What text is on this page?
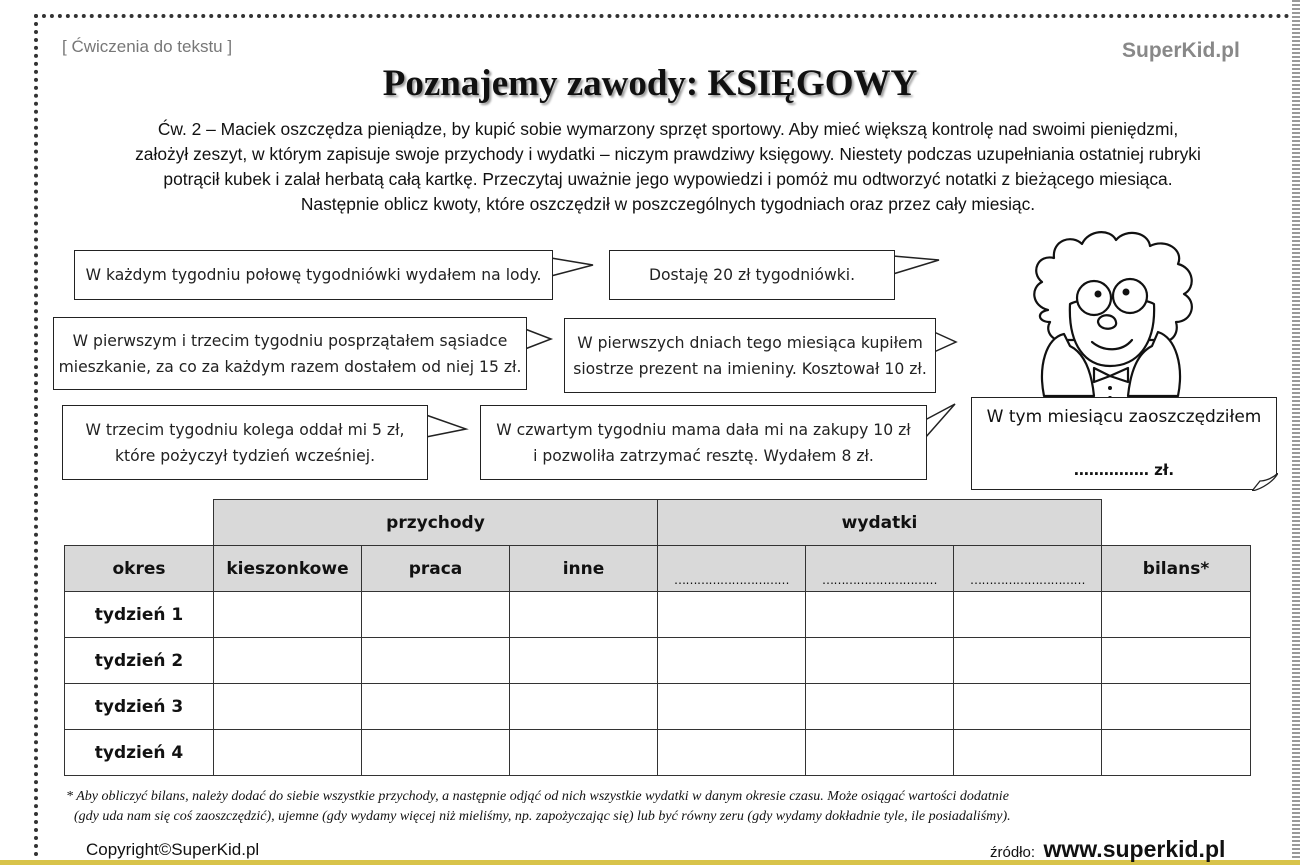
[ Ćwiczenia do tekstu ]	SuperKid.pl
Poznajemy zawody: KSIĘGOWY
Ćw. 2 – Maciek oszczędza pieniądze, by kupić sobie wymarzony sprzęt sportowy. Aby mieć większą kontrolę nad swoimi pieniędzmi,
założył zeszyt, w którym zapisuje swoje przychody i wydatki – niczym prawdziwy księgowy. Niestety podczas uzupełniania ostatniej rubryki
potrącił kubek i zalał herbatą całą kartkę. Przeczytaj uważnie jego wypowiedzi i pomóż mu odtworzyć notatki z bieżącego miesiąca.
Następnie oblicz kwoty, które oszczędził w poszczególnych tygodniach oraz przez cały miesiąc.
W każdym tygodniu połowę tygodniówki wydałem na lody.	Dostaję 20 zł tygodniówki.
W pierwszym i trzecim tygodniu posprzątałem sąsiadce
mieszkanie, za co za każdym razem dostałem od niej 15 zł.
W pierwszych dniach tego miesiąca kupiłem
siostrze prezent na imieniny. Kosztował 10 zł.
W trzecim tygodniu kolega oddał mi 5 zł,
które pożyczył tydzień wcześniej.
W czwartym tygodniu mama dała mi na zakupy 10 zł
i pozwoliła zatrzymać resztę. Wydałem 8 zł.
W tym miesiącu zaoszczędziłem
…………… zł.
	przychody			wydatki			
okres	kieszonkowe	praca	inne	…………………………	…………………………	…………………………	bilans*
tydzień 1							
tydzień 2							
tydzień 3							
tydzień 4							
* Aby obliczyć bilans, należy dodać do siebie wszystkie przychody, a następnie odjąć od nich wszystkie wydatki w danym okresie czasu. Może osiągać wartości dodatnie
(gdy uda nam się coś zaoszczędzić), ujemne (gdy wydamy więcej niż mieliśmy, np. zapożyczając się) lub być równy zeru (gdy wydamy dokładnie tyle, ile posiadaliśmy).
Copyright©SuperKid.pl	źródło: www.superkid.pl
